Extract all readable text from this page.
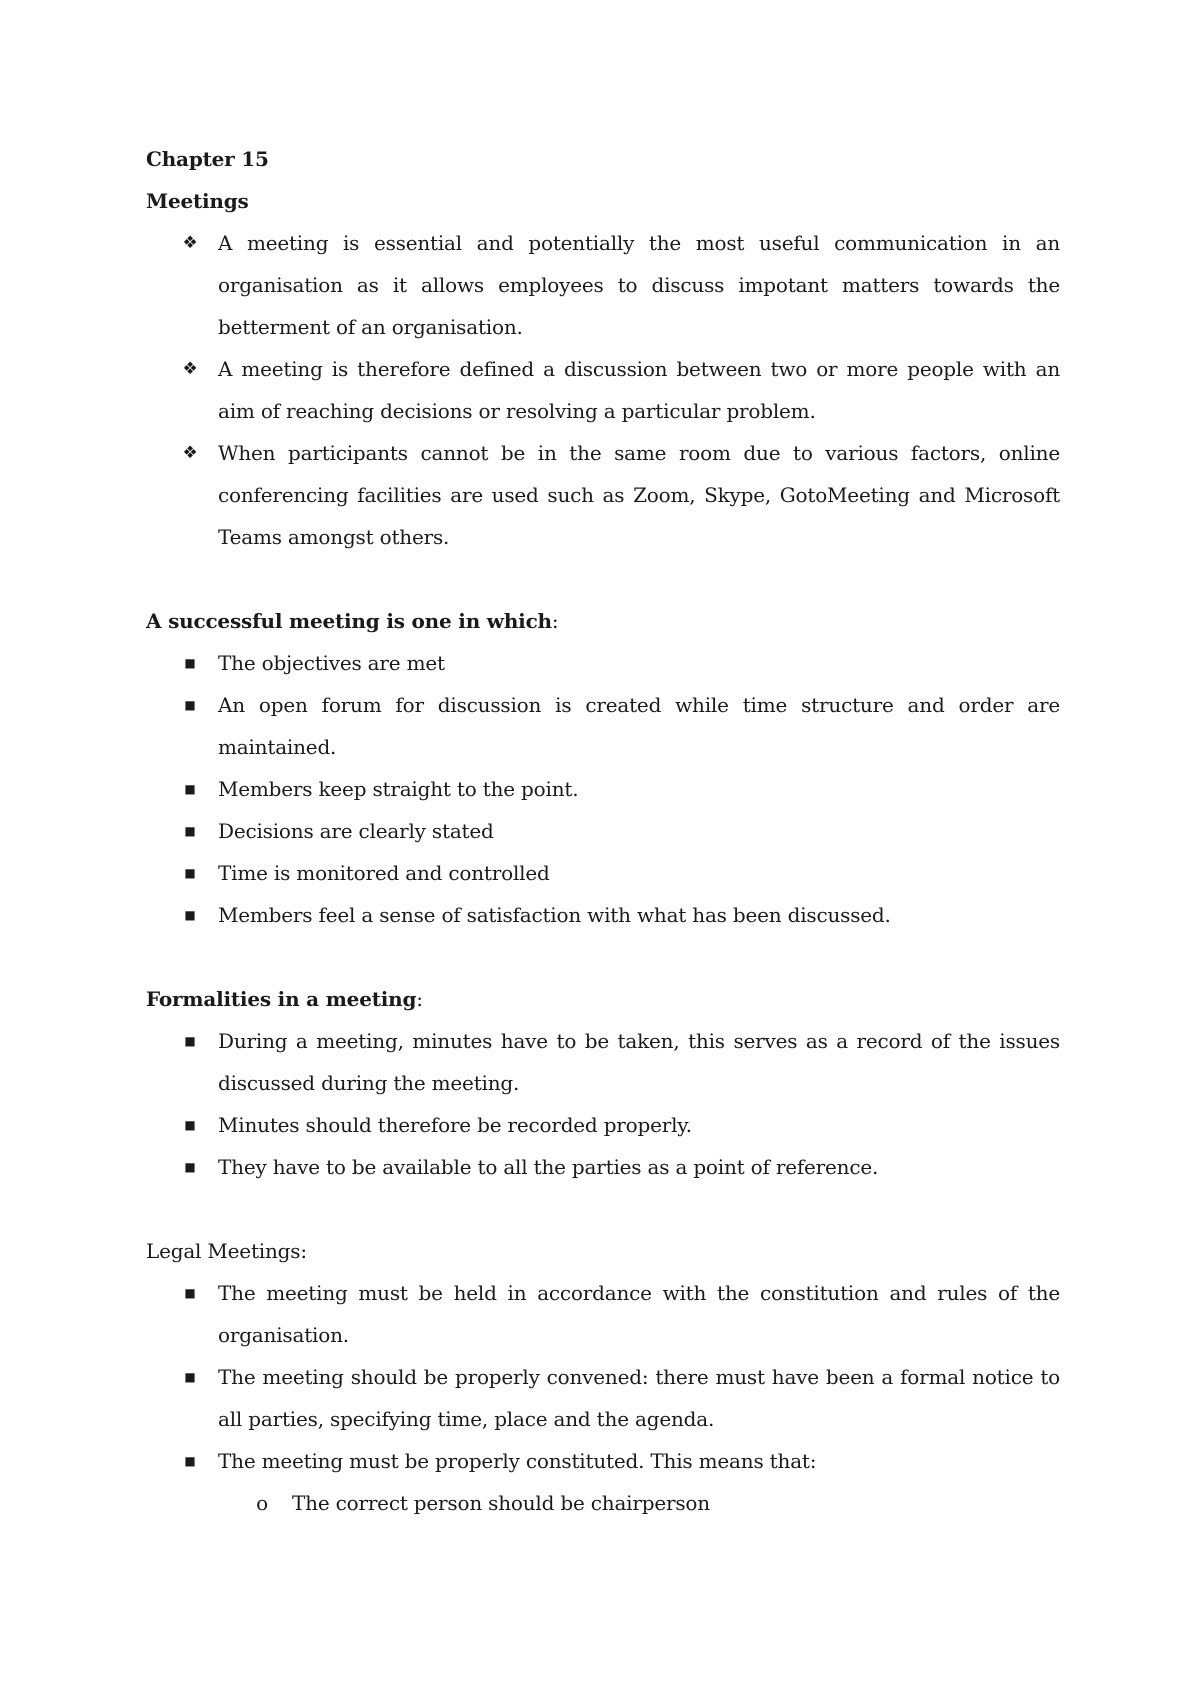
Chapter 15
Meetings
❖ A meeting is essential and potentially the most useful communication in an organisation as it allows employees to discuss impotant matters towards the betterment of an organisation.
❖ A meeting is therefore defined a discussion between two or more people with an aim of reaching decisions or resolving a particular problem.
❖ When participants cannot be in the same room due to various factors, online conferencing facilities are used such as Zoom, Skype, GotoMeeting and Microsoft Teams amongst others.
A successful meeting is one in which:
■ The objectives are met
■ An open forum for discussion is created while time structure and order are maintained.
■ Members keep straight to the point.
■ Decisions are clearly stated
■ Time is monitored and controlled
■ Members feel a sense of satisfaction with what has been discussed.
Formalities in a meeting:
■ During a meeting, minutes have to be taken, this serves as a record of the issues discussed during the meeting.
■ Minutes should therefore be recorded properly.
■ They have to be available to all the parties as a point of reference.
Legal Meetings:
■ The meeting must be held in accordance with the constitution and rules of the organisation.
■ The meeting should be properly convened: there must have been a formal notice to all parties, specifying time, place and the agenda.
■ The meeting must be properly constituted. This means that:
o The correct person should be chairperson
